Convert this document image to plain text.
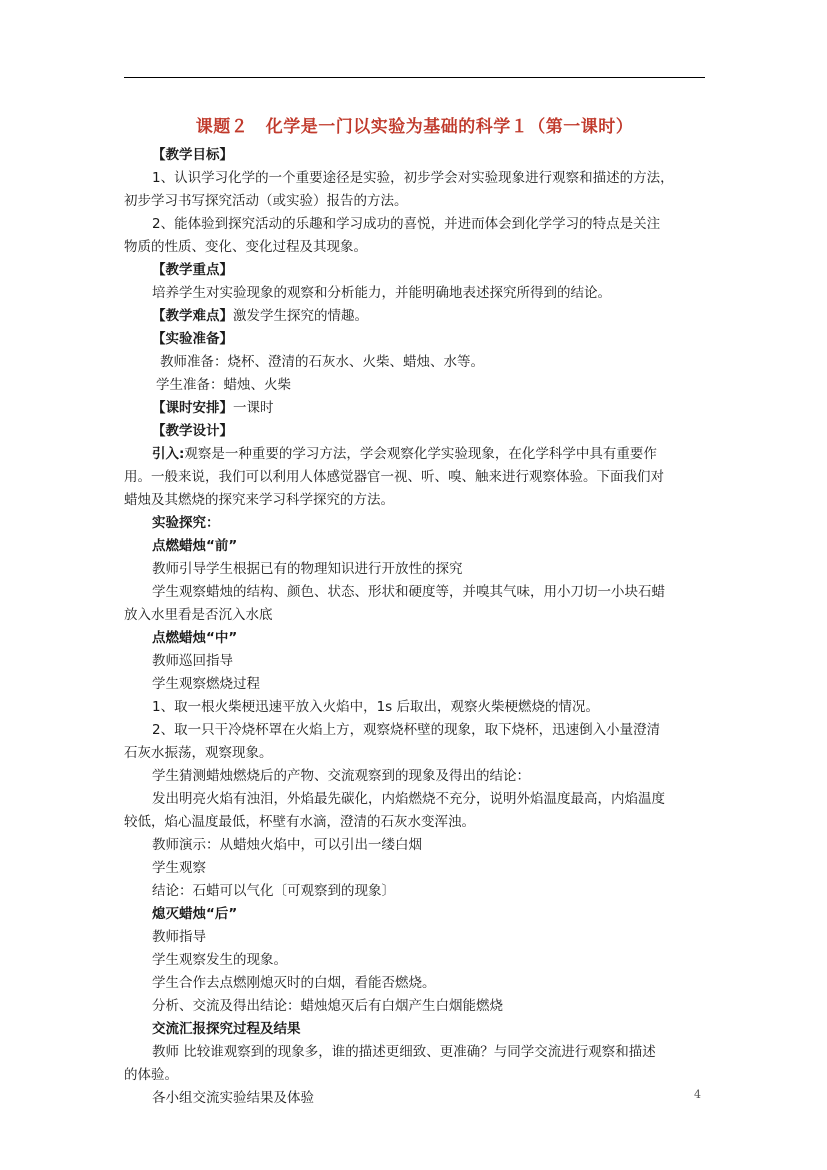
课题２　化学是一门以实验为基础的科学１（第一课时）
【教学目标】
1、认识学习化学的一个重要途径是实验，初步学会对实验现象进行观察和描述的方法，
初步学习书写探究活动（或实验）报告的方法。
2、能体验到探究活动的乐趣和学习成功的喜悦，并进而体会到化学学习的特点是关注
物质的性质、变化、变化过程及其现象。
【教学重点】
培养学生对实验现象的观察和分析能力，并能明确地表述探究所得到的结论。
【教学难点】激发学生探究的情趣。
【实验准备】
教师准备：烧杯、澄清的石灰水、火柴、蜡烛、水等。
学生准备：蜡烛、火柴
【课时安排】一课时
【教学设计】
引入:观察是一种重要的学习方法，学会观察化学实验现象，在化学科学中具有重要作
用。一般来说，我们可以利用人体感觉器官一视、听、嗅、触来进行观察体验。下面我们对
蜡烛及其燃烧的探究来学习科学探究的方法。
实验探究：
点燃蜡烛“前”
教师引导学生根据已有的物理知识进行开放性的探究
学生观察蜡烛的结构、颜色、状态、形状和硬度等，并嗅其气味，用小刀切一小块石蜡
放入水里看是否沉入水底
点燃蜡烛“中”
教师巡回指导
学生观察燃烧过程
1、取一根火柴梗迅速平放入火焰中，1s 后取出，观察火柴梗燃烧的情况。
2、取一只干冷烧杯罩在火焰上方，观察烧杯壁的现象，取下烧杯，迅速倒入小量澄清
石灰水振荡，观察现象。
学生猜测蜡烛燃烧后的产物、交流观察到的现象及得出的结论：
发出明亮火焰有浊泪，外焰最先碳化，内焰燃烧不充分，说明外焰温度最高，内焰温度
较低，焰心温度最低，杯壁有水滴，澄清的石灰水变浑浊。
教师演示：从蜡烛火焰中，可以引出一缕白烟
学生观察
结论：石蜡可以气化〔可观察到的现象〕
熄灭蜡烛“后”
教师指导
学生观察发生的现象。
学生合作去点燃刚熄灭时的白烟，看能否燃烧。
分析、交流及得出结论：蜡烛熄灭后有白烟产生白烟能燃烧
交流汇报探究过程及结果
教师 比较谁观察到的现象多，谁的描述更细致、更准确？与同学交流进行观察和描述
的体验。
各小组交流实验结果及体验	4
